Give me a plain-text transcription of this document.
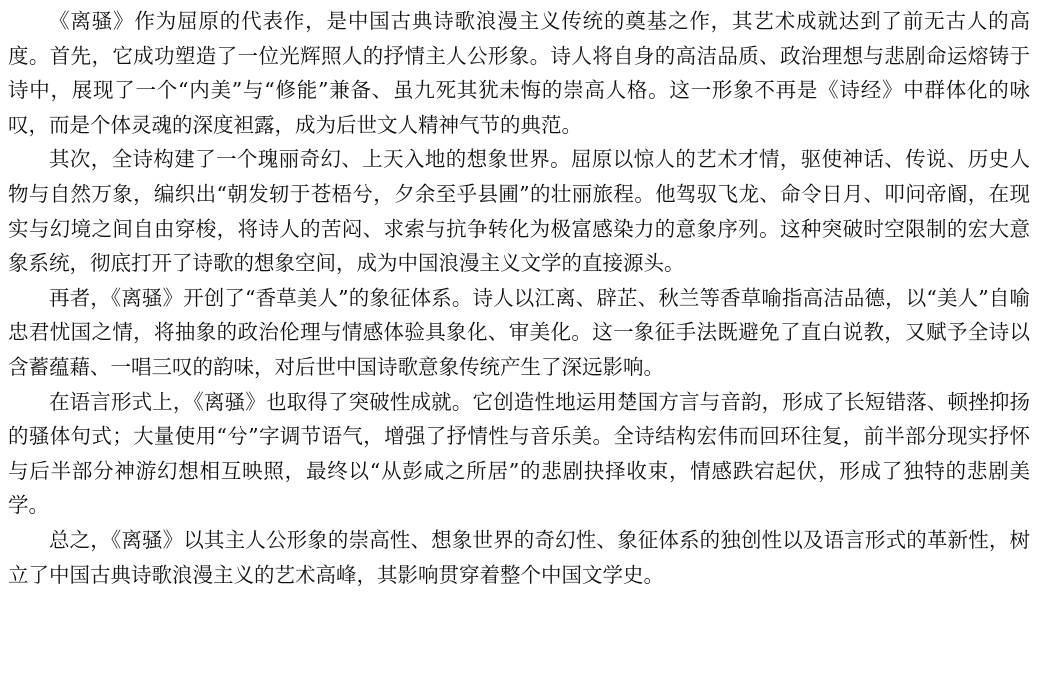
《离骚》作为屈原的代表作，是中国古典诗歌浪漫主义传统的奠基之作，其艺术成就达到了前无古人的高度。首先，它成功塑造了一位光辉照人的抒情主人公形象。诗人将自身的高洁品质、政治理想与悲剧命运熔铸于诗中，展现了一个“内美”与“修能”兼备、虽九死其犹未悔的崇高人格。这一形象不再是《诗经》中群体化的咏叹，而是个体灵魂的深度袒露，成为后世文人精神气节的典范。

其次，全诗构建了一个瑰丽奇幻、上天入地的想象世界。屈原以惊人的艺术才情，驱使神话、传说、历史人物与自然万象，编织出“朝发轫于苍梧兮，夕余至乎县圃”的壮丽旅程。他驾驭飞龙、命令日月、叩问帝阍，在现实与幻境之间自由穿梭，将诗人的苦闷、求索与抗争转化为极富感染力的意象序列。这种突破时空限制的宏大意象系统，彻底打开了诗歌的想象空间，成为中国浪漫主义文学的直接源头。

再者，《离骚》开创了“香草美人”的象征体系。诗人以江离、辟芷、秋兰等香草喻指高洁品德，以“美人”自喻忠君忧国之情，将抽象的政治伦理与情感体验具象化、审美化。这一象征手法既避免了直白说教，又赋予全诗以含蓄蕴藉、一唱三叹的韵味，对后世中国诗歌意象传统产生了深远影响。

在语言形式上，《离骚》也取得了突破性成就。它创造性地运用楚国方言与音韵，形成了长短错落、顿挫抑扬的骚体句式；大量使用“兮”字调节语气，增强了抒情性与音乐美。全诗结构宏伟而回环往复，前半部分现实抒怀与后半部分神游幻想相互映照，最终以“从彭咸之所居”的悲剧抉择收束，情感跌宕起伏，形成了独特的悲剧美学。

总之，《离骚》以其主人公形象的崇高性、想象世界的奇幻性、象征体系的独创性以及语言形式的革新性，树立了中国古典诗歌浪漫主义的艺术高峰，其影响贯穿着整个中国文学史。
